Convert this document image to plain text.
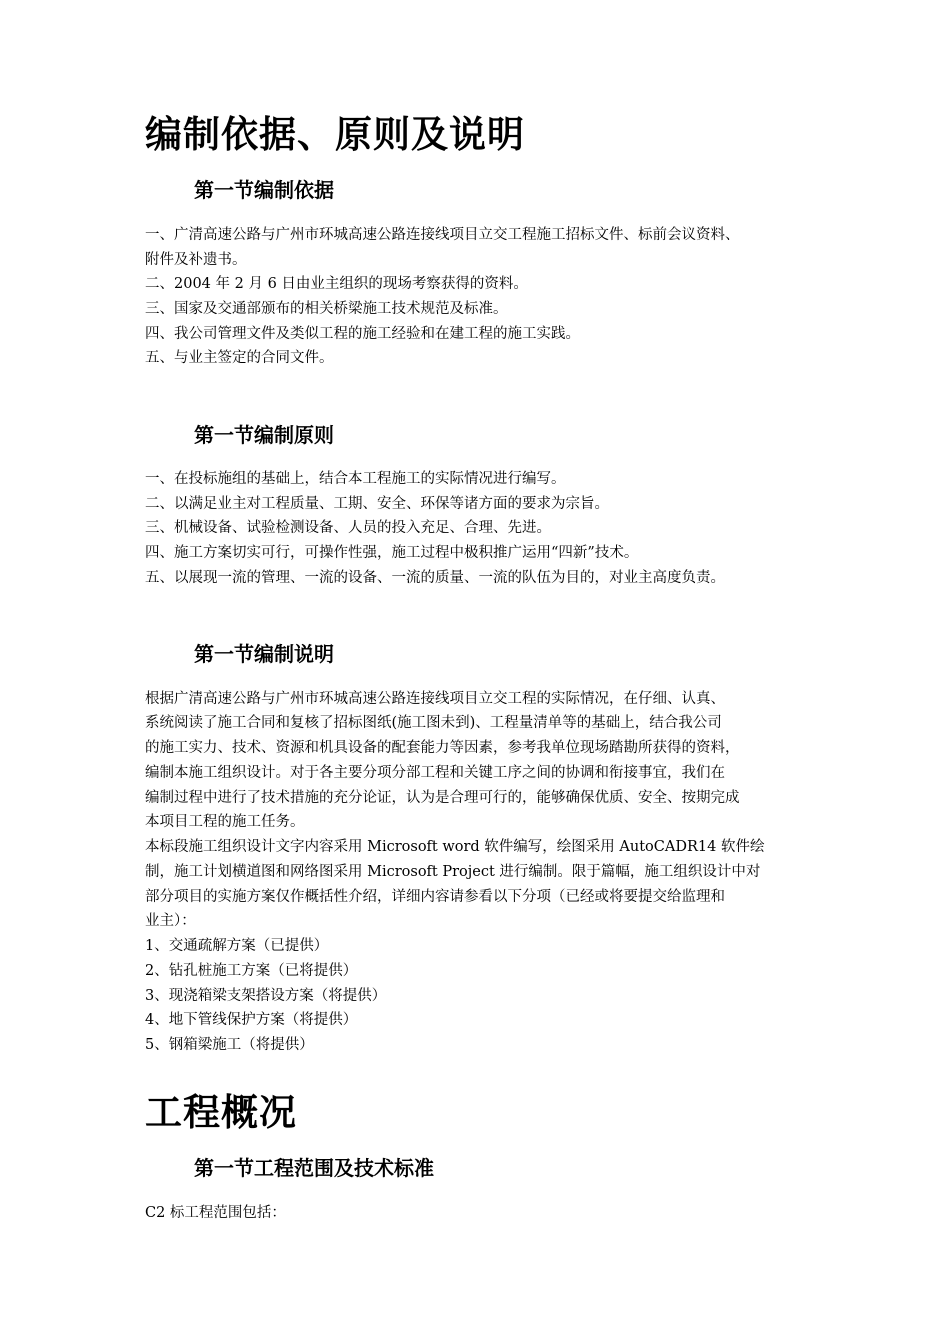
编制依据、原则及说明
第一节编制依据

一、广清高速公路与广州市环城高速公路连接线项目立交工程施工招标文件、标前会议资料、

附件及补遗书。

二、2004 年 2 月 6 日由业主组织的现场考察获得的资料。

三、国家及交通部颁布的相关桥梁施工技术规范及标准。

四、我公司管理文件及类似工程的施工经验和在建工程的施工实践。

五、与业主签定的合同文件。

第一节编制原则

一、在投标施组的基础上，结合本工程施工的实际情况进行编写。

二、以满足业主对工程质量、工期、安全、环保等诸方面的要求为宗旨。

三、机械设备、试验检测设备、人员的投入充足、合理、先进。

四、施工方案切实可行，可操作性强，施工过程中极积推广运用“四新”技术。

五、以展现一流的管理、一流的设备、一流的质量、一流的队伍为目的，对业主高度负责。

第一节编制说明

根据广清高速公路与广州市环城高速公路连接线项目立交工程的实际情况，在仔细、认真、

系统阅读了施工合同和复核了招标图纸(施工图未到)、工程量清单等的基础上，结合我公司

的施工实力、技术、资源和机具设备的配套能力等因素，参考我单位现场踏勘所获得的资料，

编制本施工组织设计。对于各主要分项分部工程和关键工序之间的协调和衔接事宜，我们在

编制过程中进行了技术措施的充分论证，认为是合理可行的，能够确保优质、安全、按期完成

本项目工程的施工任务。

本标段施工组织设计文字内容采用 Microsoft word 软件编写，绘图采用 AutoCADR14 软件绘

制，施工计划横道图和网络图采用 Microsoft Project 进行编制。限于篇幅，施工组织设计中对

部分项目的实施方案仅作概括性介绍，详细内容请参看以下分项（已经或将要提交给监理和

业主）：

1、交通疏解方案（已提供）

2、钻孔桩施工方案（已将提供）

3、现浇箱梁支架搭设方案（将提供）

4、地下管线保护方案（将提供）

5、钢箱梁施工（将提供）

工程概况
第一节工程范围及技术标准

C2 标工程范围包括：
